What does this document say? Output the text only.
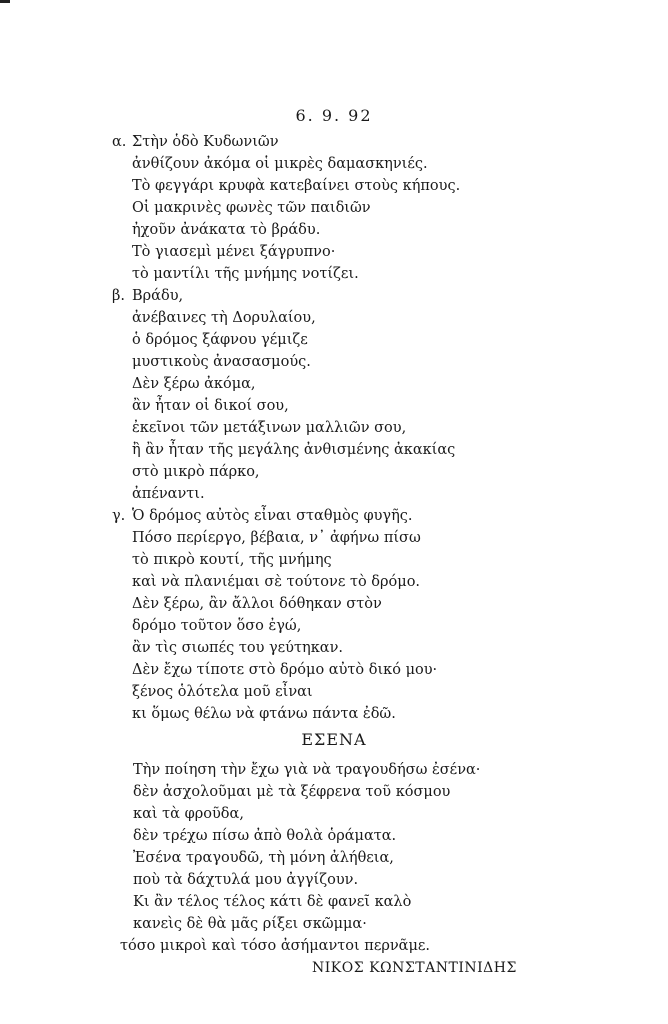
6. 9. 92
α. Στὴν ὁδὸ Κυδωνιῶν
ἀνθίζουν ἀκόμα οἱ μικρὲς δαμασκηνιές.
Τὸ φεγγάρι κρυφὰ κατεβαίνει στοὺς κήπους.
Οἱ μακρινὲς φωνὲς τῶν παιδιῶν
ἠχοῦν ἀνάκατα τὸ βράδυ.
Τὸ γιασεμὶ μένει ξάγρυπνο·
τὸ μαντίλι τῆς μνήμης νοτίζει.
β. Βράδυ,
ἀνέβαινες τὴ Δορυλαίου,
ὁ δρόμος ξάφνου γέμιζε
μυστικοὺς ἀνασασμούς.
Δὲν ξέρω ἀκόμα,
ἂν ἦταν οἱ δικοί σου,
ἐκεῖνοι τῶν μετάξινων μαλλιῶν σου,
ἢ ἂν ἦταν τῆς μεγάλης ἀνθισμένης ἀκακίας
στὸ μικρὸ πάρκο,
ἀπέναντι.
γ. Ὁ δρόμος αὐτὸς εἶναι σταθμὸς φυγῆς.
Πόσο περίεργο, βέβαια, ν᾿ ἀφήνω πίσω
τὸ πικρὸ κουτί, τῆς μνήμης
καὶ νὰ πλανιέμαι σὲ τούτονε τὸ δρόμο.
Δὲν ξέρω, ἂν ἄλλοι δόθηκαν στὸν
δρόμο τοῦτον ὅσο ἐγώ,
ἂν τὶς σιωπές του γεύτηκαν.
Δὲν ἔχω τίποτε στὸ δρόμο αὐτὸ δικό μου·
ξένος ὁλότελα μοῦ εἶναι
κι ὅμως θέλω νὰ φτάνω πάντα ἐδῶ.
ΕΣΕΝΑ
Τὴν ποίηση τὴν ἔχω γιὰ νὰ τραγουδήσω ἐσένα·
δὲν ἀσχολοῦμαι μὲ τὰ ξέφρενα τοῦ κόσμου
καὶ τὰ φροῦδα,
δὲν τρέχω πίσω ἀπὸ θολὰ ὁράματα.
Ἐσένα τραγουδῶ, τὴ μόνη ἀλήθεια,
ποὺ τὰ δάχτυλά μου ἀγγίζουν.
Κι ἂν τέλος τέλος κάτι δὲ φανεῖ καλὸ
κανεὶς δὲ θὰ μᾶς ρίξει σκῶμμα·
τόσο μικροὶ καὶ τόσο ἀσήμαντοι περνᾶμε.
ΝΙΚΟΣ ΚΩΝΣΤΑΝΤΙΝΙΔΗΣ
